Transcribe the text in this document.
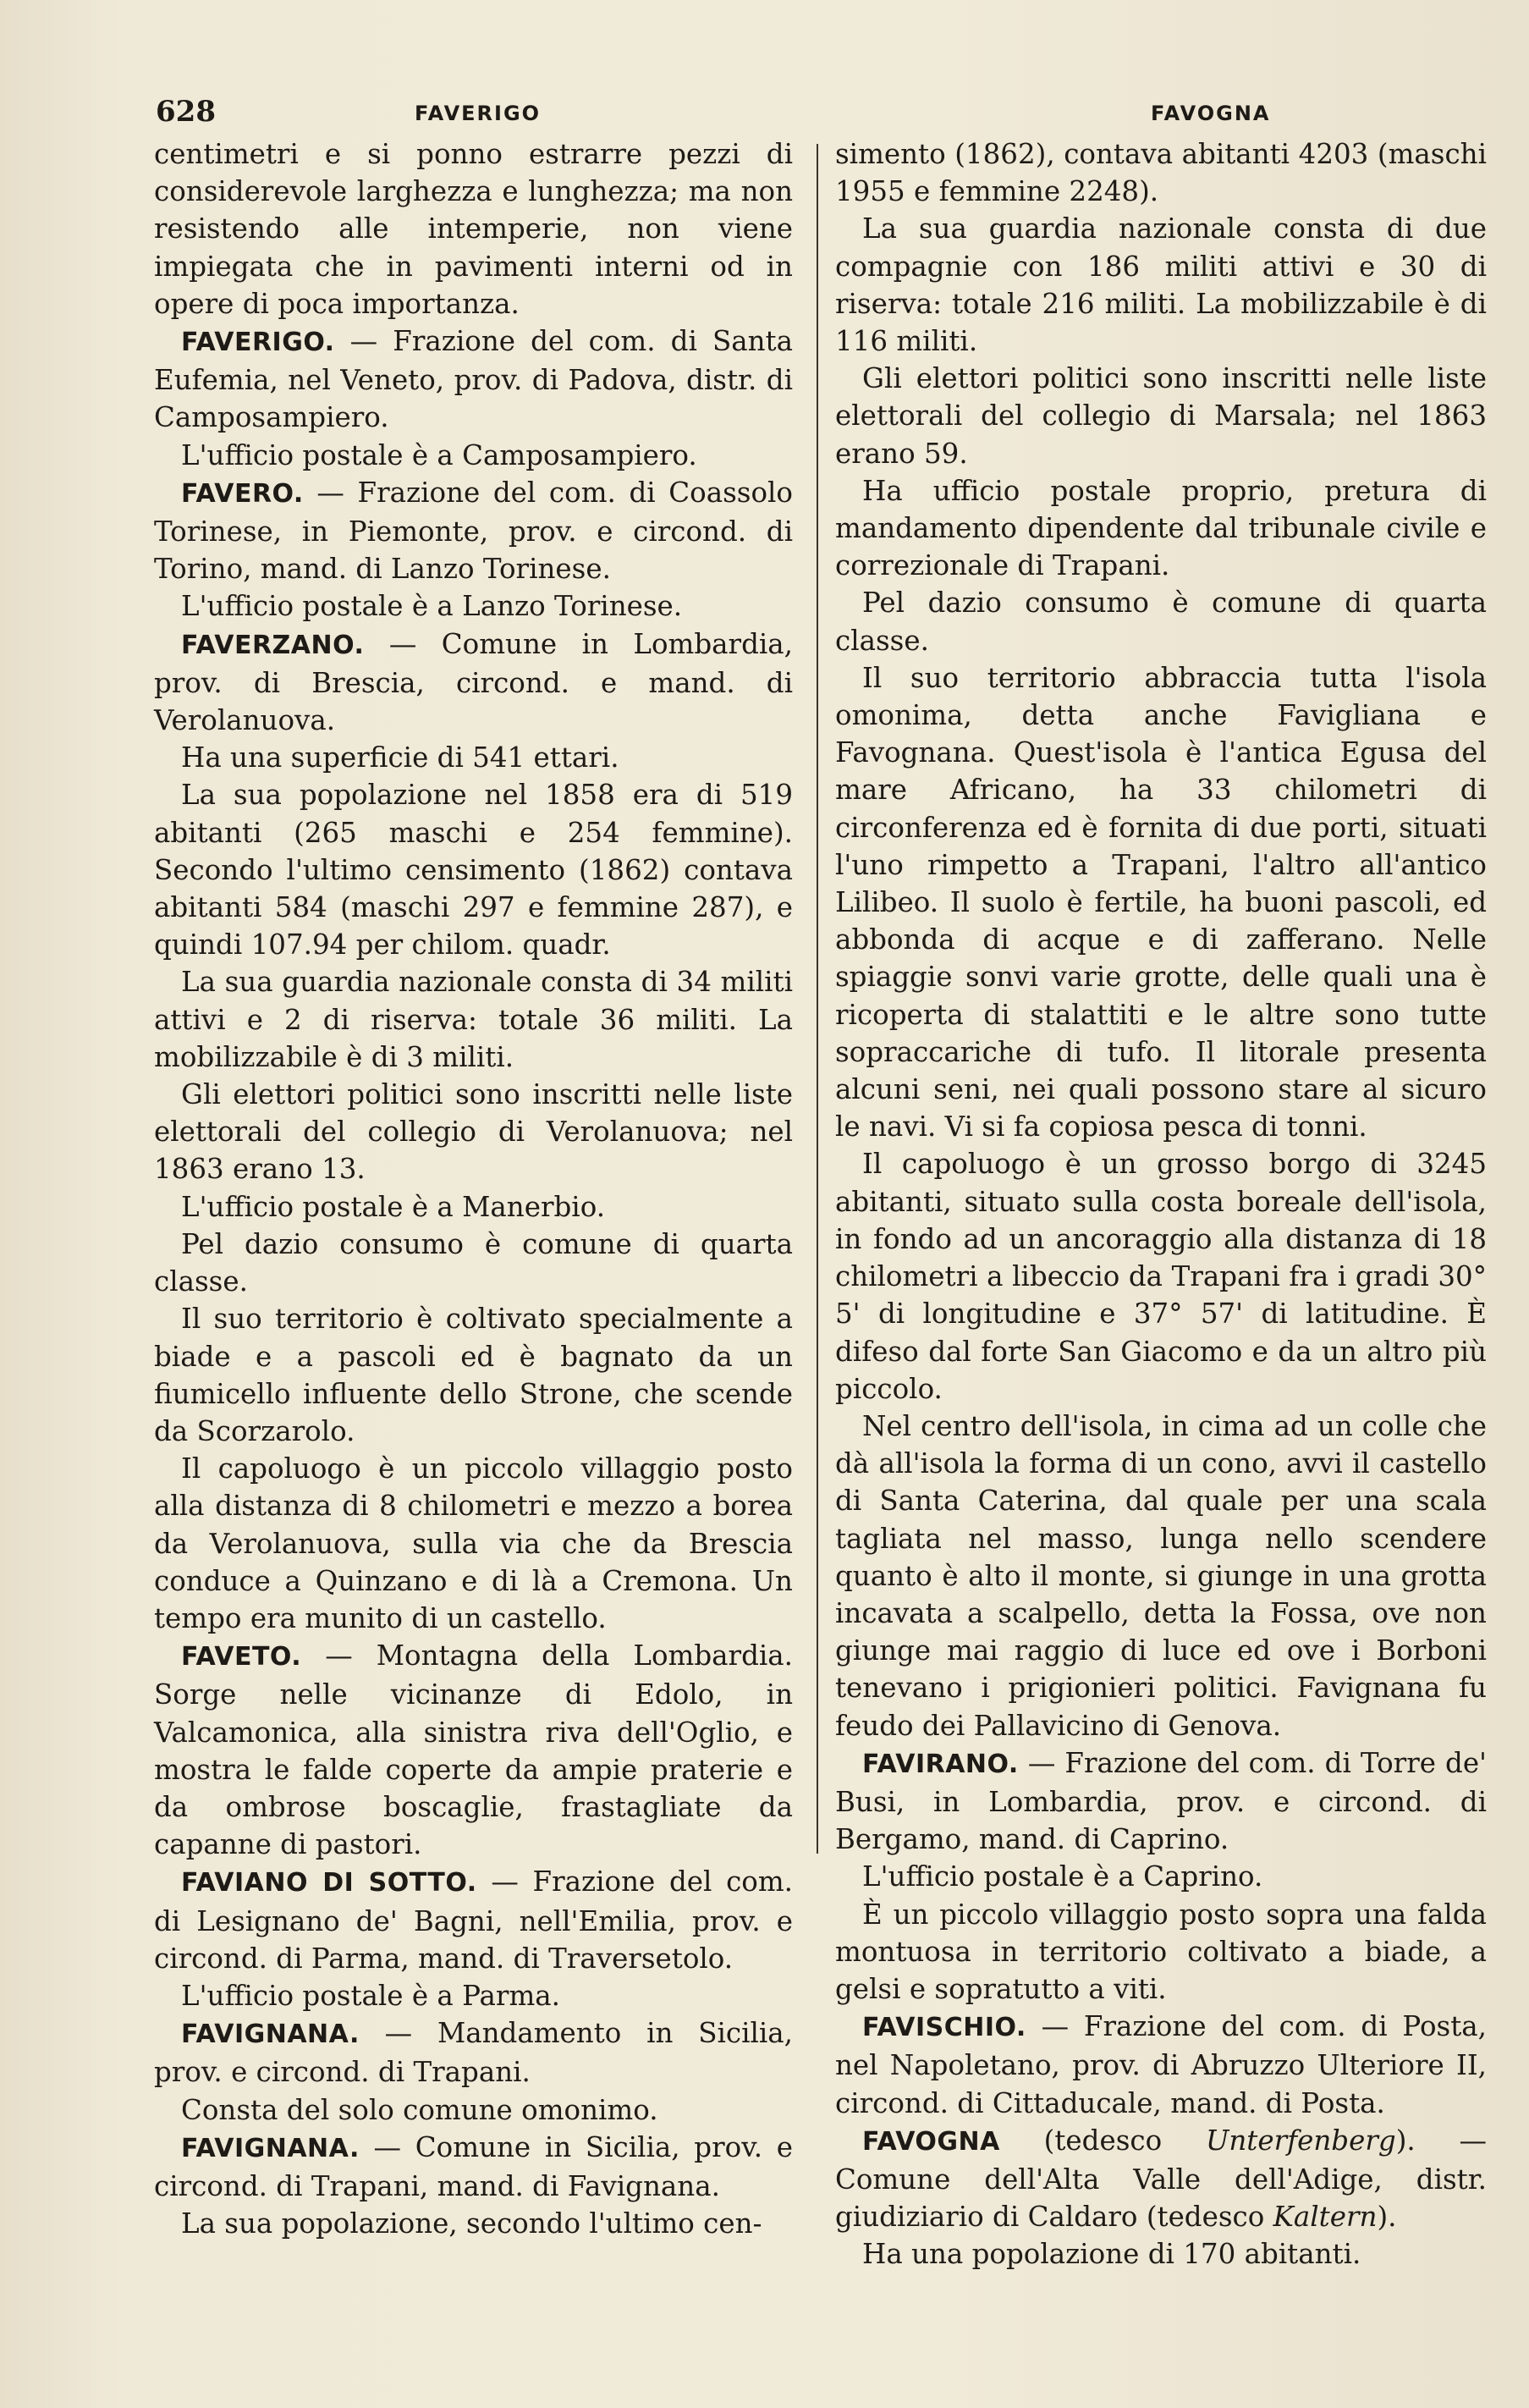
628	FAVERIGO	FAVOGNA

centimetri e si ponno estrarre pezzi di considerevole larghezza e lunghezza; ma non resistendo alle intemperie, non viene impiegata che in pavimenti interni od in opere di poca importanza.

FAVERIGO. — Frazione del com. di Santa Eufemia, nel Veneto, prov. di Padova, distr. di Camposampiero.

L'ufficio postale è a Camposampiero.

FAVERO. — Frazione del com. di Coassolo Torinese, in Piemonte, prov. e circond. di Torino, mand. di Lanzo Torinese.

L'ufficio postale è a Lanzo Torinese.

FAVERZANO. — Comune in Lombardia, prov. di Brescia, circond. e mand. di Verolanuova.

Ha una superficie di 541 ettari.

La sua popolazione nel 1858 era di 519 abitanti (265 maschi e 254 femmine). Secondo l'ultimo censimento (1862) contava abitanti 584 (maschi 297 e femmine 287), e quindi 107.94 per chilom. quadr.

La sua guardia nazionale consta di 34 militi attivi e 2 di riserva: totale 36 militi. La mobilizzabile è di 3 militi.

Gli elettori politici sono inscritti nelle liste elettorali del collegio di Verolanuova; nel 1863 erano 13.

L'ufficio postale è a Manerbio.

Pel dazio consumo è comune di quarta classe.

Il suo territorio è coltivato specialmente a biade e a pascoli ed è bagnato da un fiumicello influente dello Strone, che scende da Scorzarolo.

Il capoluogo è un piccolo villaggio posto alla distanza di 8 chilometri e mezzo a borea da Verolanuova, sulla via che da Brescia conduce a Quinzano e di là a Cremona. Un tempo era munito di un castello.

FAVETO. — Montagna della Lombardia. Sorge nelle vicinanze di Edolo, in Valcamonica, alla sinistra riva dell'Oglio, e mostra le falde coperte da ampie praterie e da ombrose boscaglie, frastagliate da capanne di pastori.

FAVIANO DI SOTTO. — Frazione del com. di Lesignano de' Bagni, nell'Emilia, prov. e circond. di Parma, mand. di Traversetolo.

L'ufficio postale è a Parma.

FAVIGNANA. — Mandamento in Sicilia, prov. e circond. di Trapani.

Consta del solo comune omonimo.

FAVIGNANA. — Comune in Sicilia, prov. e circond. di Trapani, mand. di Favignana.

La sua popolazione, secondo l'ultimo cen-

simento (1862), contava abitanti 4203 (maschi 1955 e femmine 2248).

La sua guardia nazionale consta di due compagnie con 186 militi attivi e 30 di riserva: totale 216 militi. La mobilizzabile è di 116 militi.

Gli elettori politici sono inscritti nelle liste elettorali del collegio di Marsala; nel 1863 erano 59.

Ha ufficio postale proprio, pretura di mandamento dipendente dal tribunale civile e correzionale di Trapani.

Pel dazio consumo è comune di quarta classe.

Il suo territorio abbraccia tutta l'isola omonima, detta anche Favigliana e Favognana. Quest'isola è l'antica Egusa del mare Africano, ha 33 chilometri di circonferenza ed è fornita di due porti, situati l'uno rimpetto a Trapani, l'altro all'antico Lilibeo. Il suolo è fertile, ha buoni pascoli, ed abbonda di acque e di zafferano. Nelle spiaggie sonvi varie grotte, delle quali una è ricoperta di stalattiti e le altre sono tutte sopraccariche di tufo. Il litorale presenta alcuni seni, nei quali possono stare al sicuro le navi. Vi si fa copiosa pesca di tonni.

Il capoluogo è un grosso borgo di 3245 abitanti, situato sulla costa boreale dell'isola, in fondo ad un ancoraggio alla distanza di 18 chilometri a libeccio da Trapani fra i gradi 30° 5' di longitudine e 37° 57' di latitudine. È difeso dal forte San Giacomo e da un altro più piccolo.

Nel centro dell'isola, in cima ad un colle che dà all'isola la forma di un cono, avvi il castello di Santa Caterina, dal quale per una scala tagliata nel masso, lunga nello scendere quanto è alto il monte, si giunge in una grotta incavata a scalpello, detta la Fossa, ove non giunge mai raggio di luce ed ove i Borboni tenevano i prigionieri politici. Favignana fu feudo dei Pallavicino di Genova.

FAVIRANO. — Frazione del com. di Torre de' Busi, in Lombardia, prov. e circond. di Bergamo, mand. di Caprino.

L'ufficio postale è a Caprino.

È un piccolo villaggio posto sopra una falda montuosa in territorio coltivato a biade, a gelsi e sopratutto a viti.

FAVISCHIO. — Frazione del com. di Posta, nel Napoletano, prov. di Abruzzo Ulteriore II, circond. di Cittaducale, mand. di Posta.

FAVOGNA (tedesco Unterfenberg). — Comune dell'Alta Valle dell'Adige, distr. giudiziario di Caldaro (tedesco Kaltern).

Ha una popolazione di 170 abitanti.
